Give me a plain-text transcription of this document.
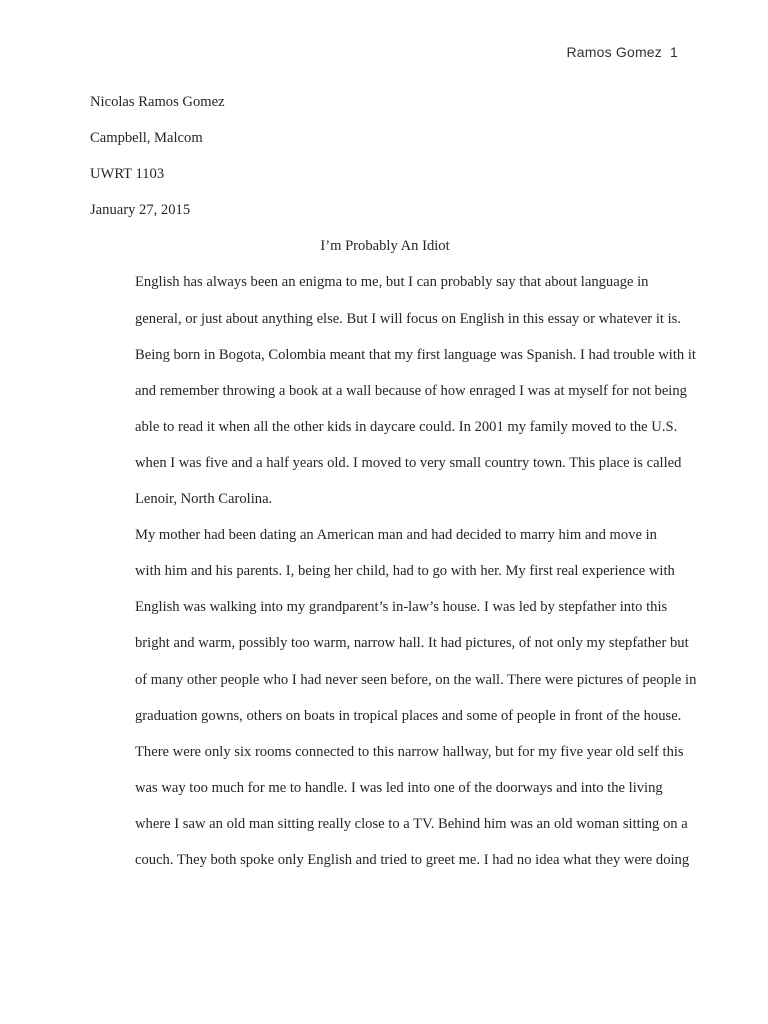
Ramos Gomez 1

Nicolas Ramos Gomez

Campbell, Malcom

UWRT 1103

January 27, 2015

I’m Probably An Idiot

English has always been an enigma to me, but I can probably say that about language in
general, or just about anything else. But I will focus on English in this essay or whatever it is.
Being born in Bogota, Colombia meant that my first language was Spanish. I had trouble with it
and remember throwing a book at a wall because of how enraged I was at myself for not being
able to read it when all the other kids in daycare could. In 2001 my family moved to the U.S.
when I was five and a half years old. I moved to very small country town. This place is called
Lenoir, North Carolina.

My mother had been dating an American man and had decided to marry him and move in
with him and his parents. I, being her child, had to go with her. My first real experience with
English was walking into my grandparent’s in-law’s house. I was led by stepfather into this
bright and warm, possibly too warm, narrow hall. It had pictures, of not only my stepfather but
of many other people who I had never seen before, on the wall. There were pictures of people in
graduation gowns, others on boats in tropical places and some of people in front of the house.
There were only six rooms connected to this narrow hallway, but for my five year old self this
was way too much for me to handle. I was led into one of the doorways and into the living
where I saw an old man sitting really close to a TV. Behind him was an old woman sitting on a
couch. They both spoke only English and tried to greet me. I had no idea what they were doing
